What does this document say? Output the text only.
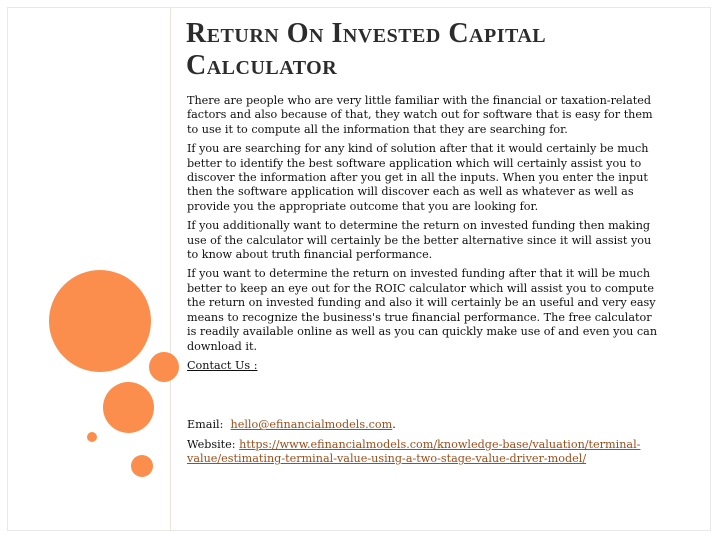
Return On Invested Capital
Calculator

There are people who are very little familiar with the financial or taxation-related factors and also because of that, they watch out for software that is easy for them to use it to compute all the information that they are searching for.

If you are searching for any kind of solution after that it would certainly be much better to identify the best software application which will certainly assist you to discover the information after you get in all the inputs. When you enter the input then the software application will discover each as well as whatever as well as provide you the appropriate outcome that you are looking for.

If you additionally want to determine the return on invested funding then making use of the calculator will certainly be the better alternative since it will assist you to know about truth financial performance.

If you want to determine the return on invested funding after that it will be much better to keep an eye out for the ROIC calculator which will assist you to compute the return on invested funding and also it will certainly be an useful and very easy means to recognize the business's true financial performance. The free calculator is readily available online as well as you can quickly make use of and even you can download it.

Contact Us :

Email: hello@efinancialmodels.com.

Website: https://www.efinancialmodels.com/knowledge-base/valuation/terminal-value/estimating-terminal-value-using-a-two-stage-value-driver-model/
